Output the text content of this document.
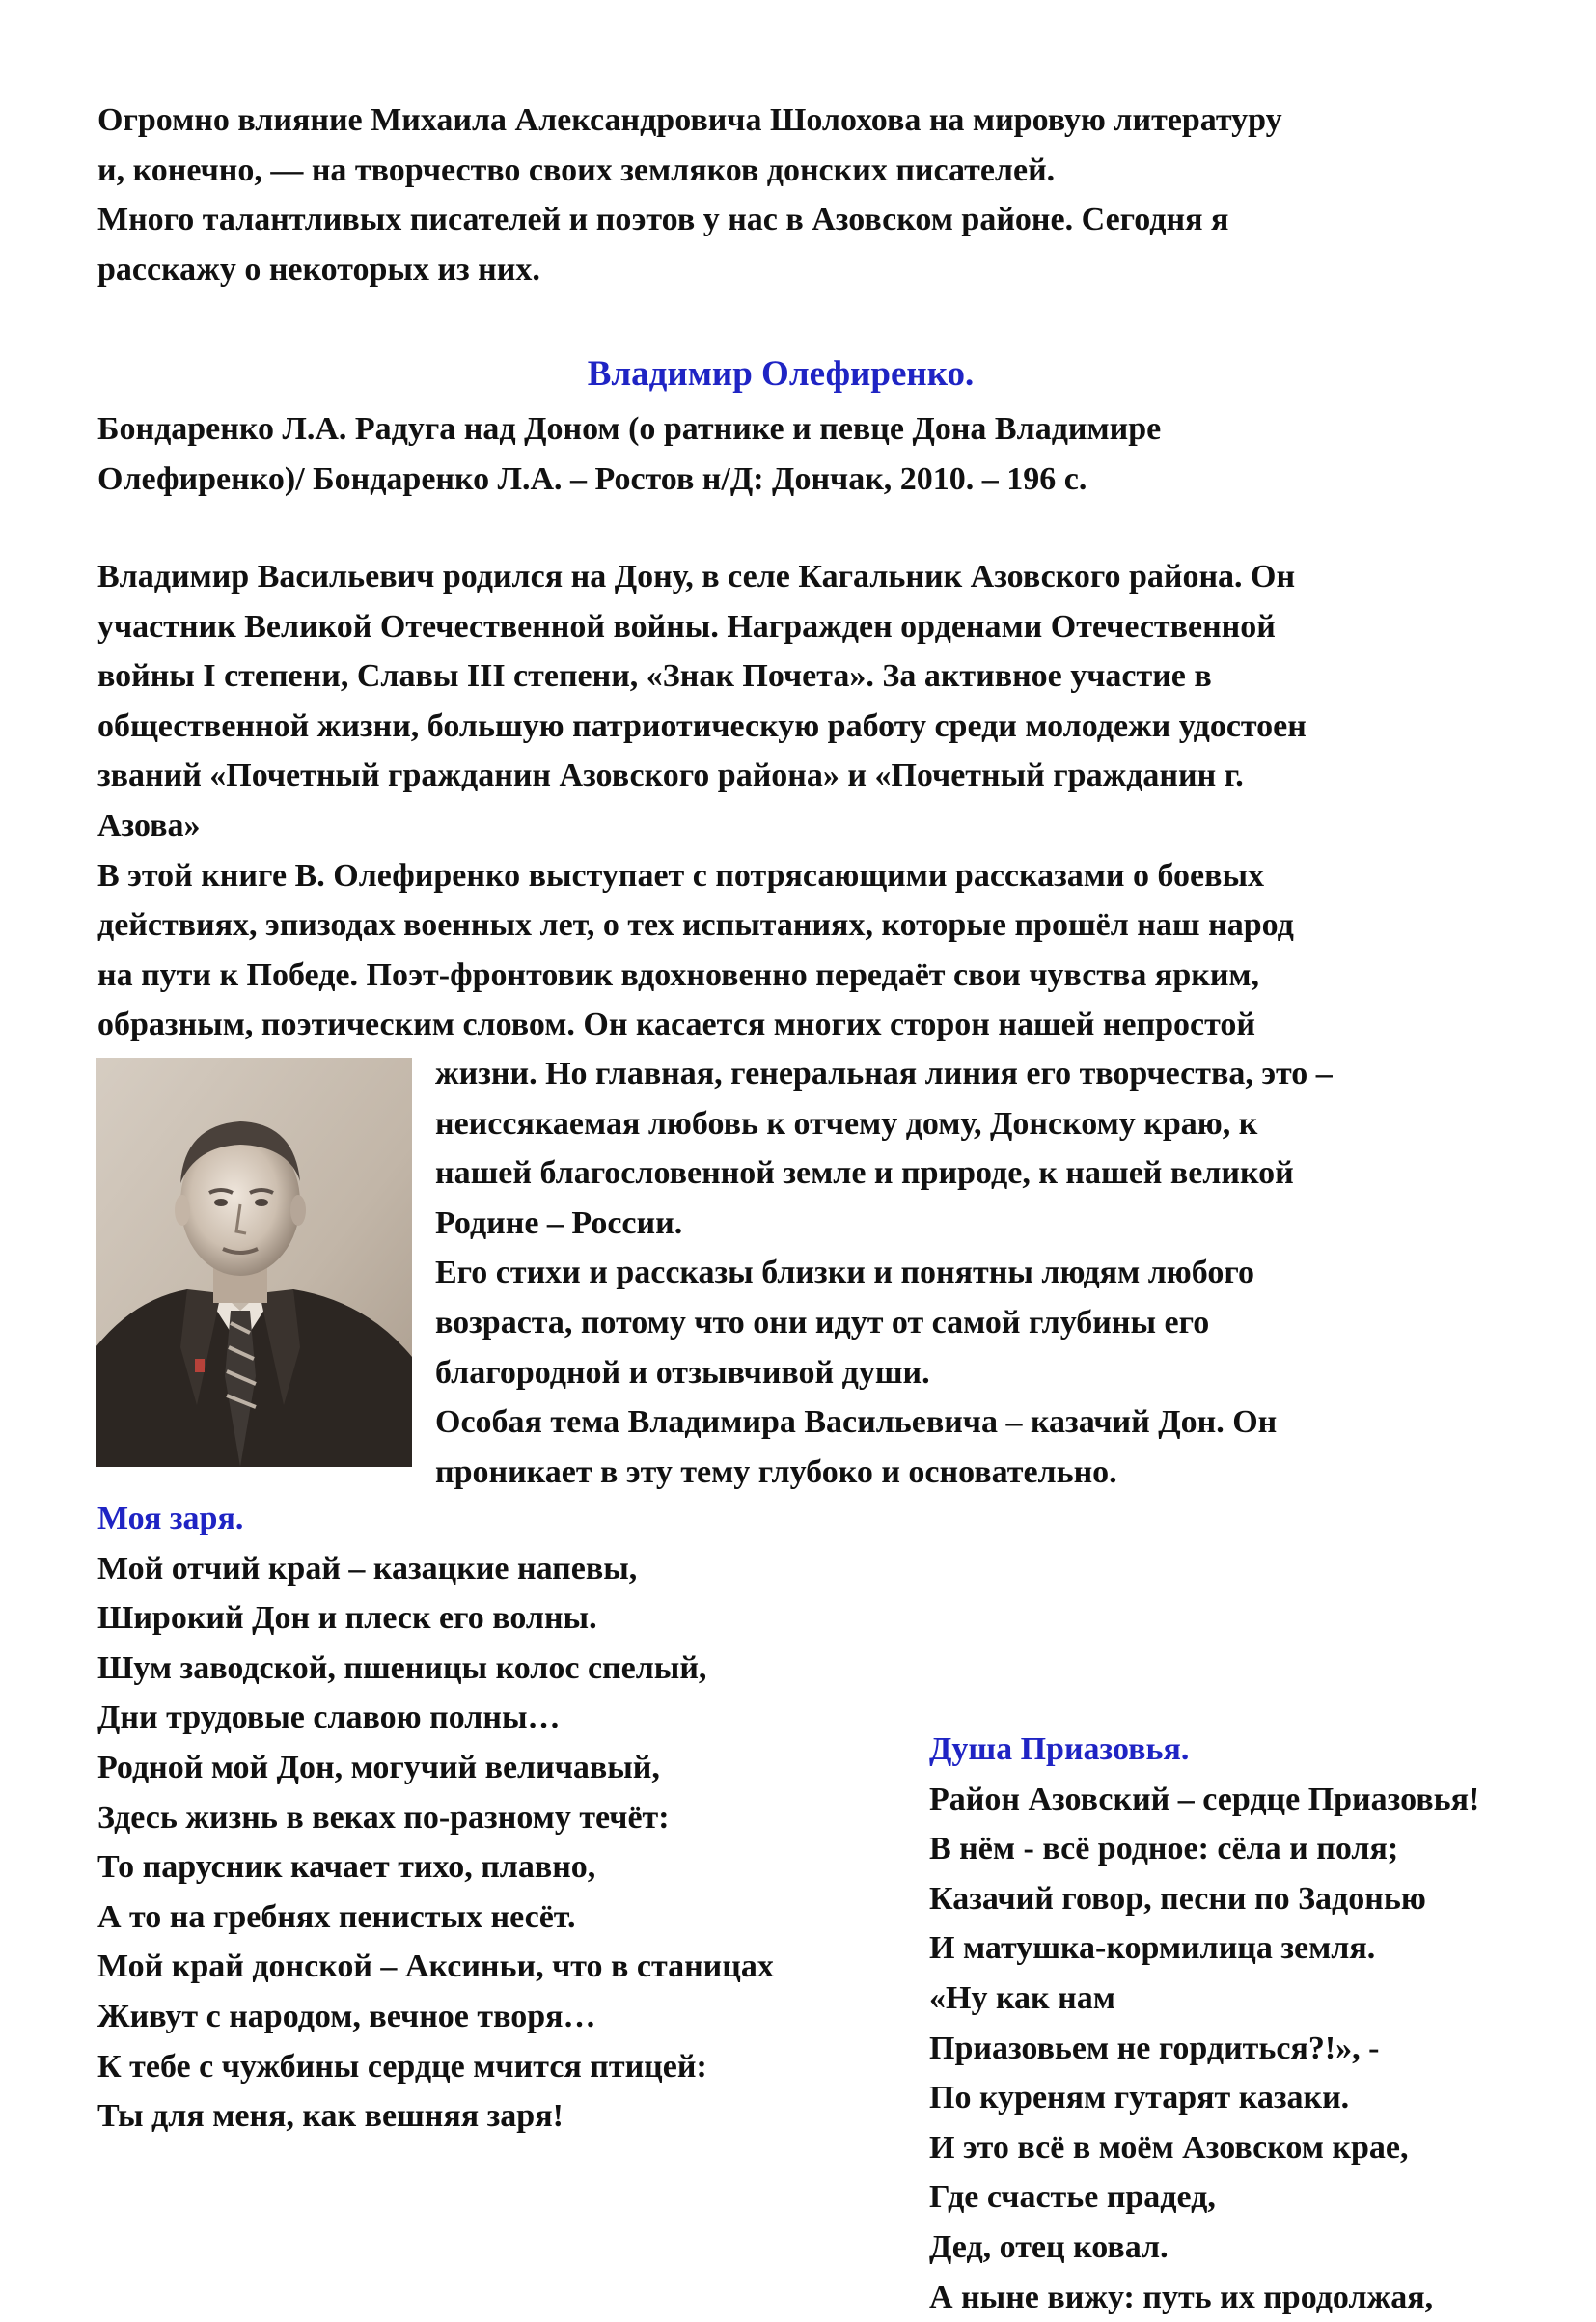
Огромно влияние Михаила Александровича Шолохова на мировую литературу
и, конечно, — на творчество своих земляков донских писателей.
Много талантливых писателей и поэтов у нас в Азовском районе. Сегодня я
расскажу о некоторых из них.
Владимир Олефиренко.
Бондаренко Л.А. Радуга над Доном (о ратнике и певце Дона Владимире
Олефиренко)/ Бондаренко Л.А. – Ростов н/Д: Дончак, 2010. – 196 с.
Владимир Васильевич родился на Дону, в селе Кагальник Азовского района. Он
участник Великой Отечественной войны. Награжден орденами Отечественной
войны I степени, Славы III степени, «Знак Почета». За активное участие в
общественной жизни, большую патриотическую работу среди молодежи удостоен
званий «Почетный гражданин Азовского района» и «Почетный гражданин г.
Азова»
В этой книге В. Олефиренко выступает с потрясающими рассказами о боевых
действиях, эпизодах военных лет, о тех испытаниях, которые прошёл наш народ
на пути к Победе. Поэт-фронтовик вдохновенно передаёт свои чувства ярким,
образным, поэтическим словом. Он касается многих сторон нашей непростой
жизни. Но главная, генеральная линия его творчества, это –
неиссякаемая любовь к отчему дому, Донскому краю, к
нашей благословенной земле и природе, к нашей великой
Родине – России.
Его стихи и рассказы близки и понятны людям любого
возраста, потому что они идут от самой глубины его
благородной и отзывчивой души.
Особая тема Владимира Васильевича – казачий Дон. Он
проникает в эту тему глубоко и основательно.
Моя заря.
Мой отчий край – казацкие напевы,
Широкий Дон и плеск его волны.
Шум заводской, пшеницы колос спелый,
Дни трудовые славою полны…
Родной мой Дон, могучий величавый,
Здесь жизнь в веках по-разному течёт:
То парусник качает тихо, плавно,
А то на гребнях пенистых несёт.
Мой край донской – Аксиньи, что в станицах
Живут с народом, вечное творя…
К тебе с чужбины сердце мчится птицей:
Ты для меня, как вешняя заря!
Душа Приазовья.
Район Азовский – сердце Приазовья!
В нём - всё родное: сёла и поля;
Казачий говор, песни по Задонью
И матушка-кормилица земля.
«Ну как нам
Приазовьем не гордиться?!», -
По куреням гутарят казаки.
И это всё в моём Азовском крае,
Где счастье прадед,
Дед, отец ковал.
А ныне вижу: путь их продолжая,
